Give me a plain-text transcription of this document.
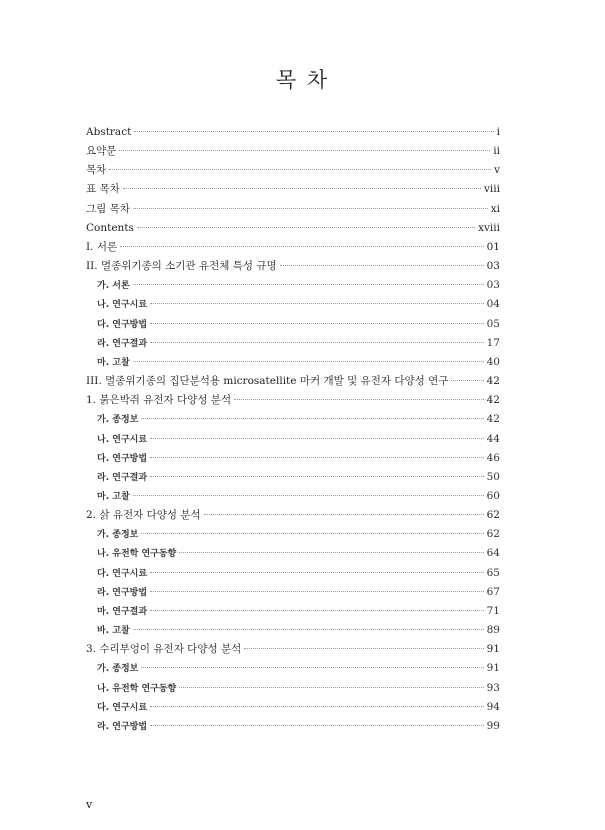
목 차
Abstract	i
요약문	ii
목차	v
표 목차	viii
그림 목차	xi
Contents	xviii
I. 서론	01
II. 멸종위기종의 소기관 유전체 특성 규명	03
가. 서론	03
나. 연구시료	04
다. 연구방법	05
라. 연구결과	17
마. 고찰	40
III. 멸종위기종의 집단분석용 microsatellite 마커 개발 및 유전자 다양성 연구	42
1. 붉은박쥐 유전자 다양성 분석	42
가. 종정보	42
나. 연구시료	44
다. 연구방법	46
라. 연구결과	50
마. 고찰	60
2. 삵 유전자 다양성 분석	62
가. 종정보	62
나. 유전학 연구동향	64
다. 연구시료	65
라. 연구방법	67
마. 연구결과	71
바. 고찰	89
3. 수리부엉이 유전자 다양성 분석	91
가. 종정보	91
나. 유전학 연구동향	93
다. 연구시료	94
라. 연구방법	99
v
